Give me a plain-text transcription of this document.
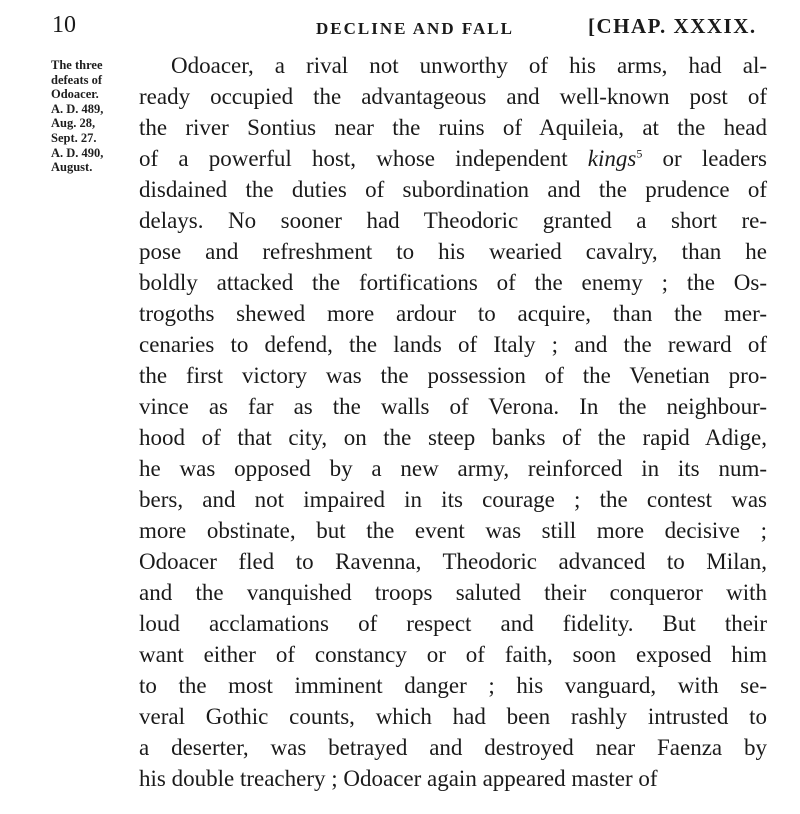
10	DECLINE AND FALL	[CHAP. XXXIX.
The three
defeats of
Odoacer.
A. D. 489,
Aug. 28,
Sept. 27.
A. D. 490,
August.
Odoacer, a rival not unworthy of his arms, had al-
ready occupied the advantageous and well-known post of
the river Sontius near the ruins of Aquileia, at the head
of a powerful host, whose independent kings$^5$ or leaders
disdained the duties of subordination and the prudence of
delays. No sooner had Theodoric granted a short re-
pose and refreshment to his wearied cavalry, than he
boldly attacked the fortifications of the enemy ; the Os-
trogoths shewed more ardour to acquire, than the mer-
cenaries to defend, the lands of Italy ; and the reward of
the first victory was the possession of the Venetian pro-
vince as far as the walls of Verona. In the neighbour-
hood of that city, on the steep banks of the rapid Adige,
he was opposed by a new army, reinforced in its num-
bers, and not impaired in its courage ; the contest was
more obstinate, but the event was still more decisive ;
Odoacer fled to Ravenna, Theodoric advanced to Milan,
and the vanquished troops saluted their conqueror with
loud acclamations of respect and fidelity. But their
want either of constancy or of faith, soon exposed him
to the most imminent danger ; his vanguard, with se-
veral Gothic counts, which had been rashly intrusted to
a deserter, was betrayed and destroyed near Faenza by
his double treachery ; Odoacer again appeared master of
